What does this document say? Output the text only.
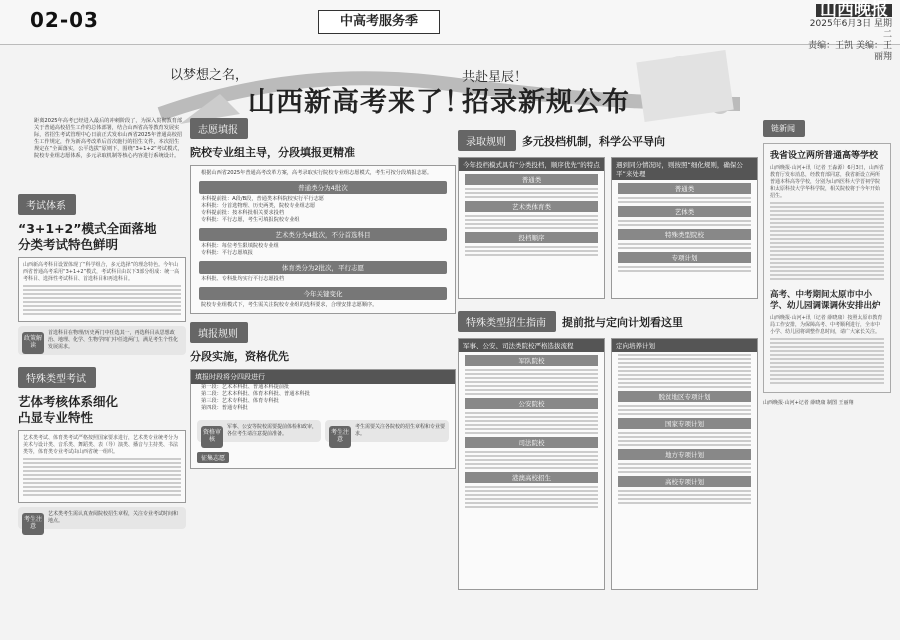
02-03	中高考服务季
山西晚报
2025年6月3日 星期二
责编：王凯 美编：王丽翔
以梦想之名，	共赴星辰！
山西新高考来了！
招录新规公布
距离2025年高考已经进入最后的冲刺阶段了，为深入贯彻教育部关于普通高校招生工作的总体部署，结合山西省高等教育发展实际，省招生考试管理中心日前正式发布山西省2025年普通高校招生工作规定，作为新高考改革后首次施行的招生文件，本次招生规定在“全面落实，公平选拔”原则下，围绕“3+1+2”考试模式，院校专业组志愿体系，多元录取机制等核心内容进行系统设计。
考试体系
“3+1+2”模式全面落地
分类考试特色鲜明
山西新高考科目设置体现了“科学组合，多元选择”的理念特色。今年山西省普通高考采用“3+1+2”模式，考试科目由以下3部分组成：统一高考科目、选择性考试科目、首选科目和再选科目。
政策解读
首选科目在物理/历史两门中任选其一，再选科目从思想政治、地理、化学、生物学四门中任选两门，满足考生个性化发展需求。
特殊类型考试
艺体考核体系细化
凸显专业特性
艺术类考试、体育类考试严格按照国家要求进行，艺术类专业统考分为美术与设计类、音乐类、舞蹈类、表（导）演类、播音与主持类、书法类等，体育类专业考试由山西省统一组织。
考生注意
艺术类考生需认真查阅院校招生章程，关注专业考试时间和地点。
志愿填报
院校专业组主导，分段填报更精准
根据山西省2025年普通高考改革方案，高考录取实行院校专业组志愿模式，考生可按分段填报志愿。
普通类分为4批次
本科提前批：A段/B段，普通类本科院校实行平行志愿
本科批：分首选物理、历史两类，院校专业组志愿
专科提前批：按本科批相关要求投档
专科批：平行志愿，考生可填报院校专业组
艺术类分为4批次，不分首选科目
本科批：每位考生限填院校专业组
专科批：平行志愿填报
体育类分为2批次，平行志愿
本科批、专科批均实行平行志愿投档
今年关键变化
院校专业组模式下，考生需关注院校专业组的选科要求，合理安排志愿顺序。
填报规则
分段实施，资格优先
填报时段将分四段进行
第一段：艺术本科批、普通本科提前批
第二段：艺术本科批、体育本科批、普通本科批
第三段：艺术专科批、体育专科批
第四段：普通专科批
资格审核
军事、公安等院校需要提前体检和政审，各位考生请注意提前准备。	考生注意
考生需要关注各院校的招生章程和专业要求。
征集志愿
录取规则	多元投档机制，科学公平导向
今年投档模式具有“分类投档，顺序优先”的特点
普通类
艺术类体育类
投档顺序
遇到同分情况时，则按照“细化规则，确保公平”来处理
普通类
艺体类
特殊类型院校
专项计划
特殊类型招生指南	提前批与定向计划看这里
军事、公安、司法类院校严格选拔流程
军队院校
公安院校
司法院校
港澳高校招生
定向培养计划
脱贫地区专项计划
国家专项计划
地方专项计划
高校专项计划
链新闻
我省设立两所普通高等学校
山西晚报·山河+讯（记者 王淼源）6月3日，山西省教育厅发布消息，经教育部同意，我省新设立两所普通本科高等学校，分别为山西医科大学晋祠学院和太原科技大学华科学院，相关院校将于今年开始招生。
高考、中考期间太原市中小学、幼儿园调课调休安排出炉
山西晚报·山河+讯（记者 薛晓康）按照太原市教育局工作安排，为保障高考、中考顺利进行，全市中小学、幼儿园将调整作息时间，请广大家长关注。
山西晚报·山河+记者 薛晓康 制图 王丽翔
